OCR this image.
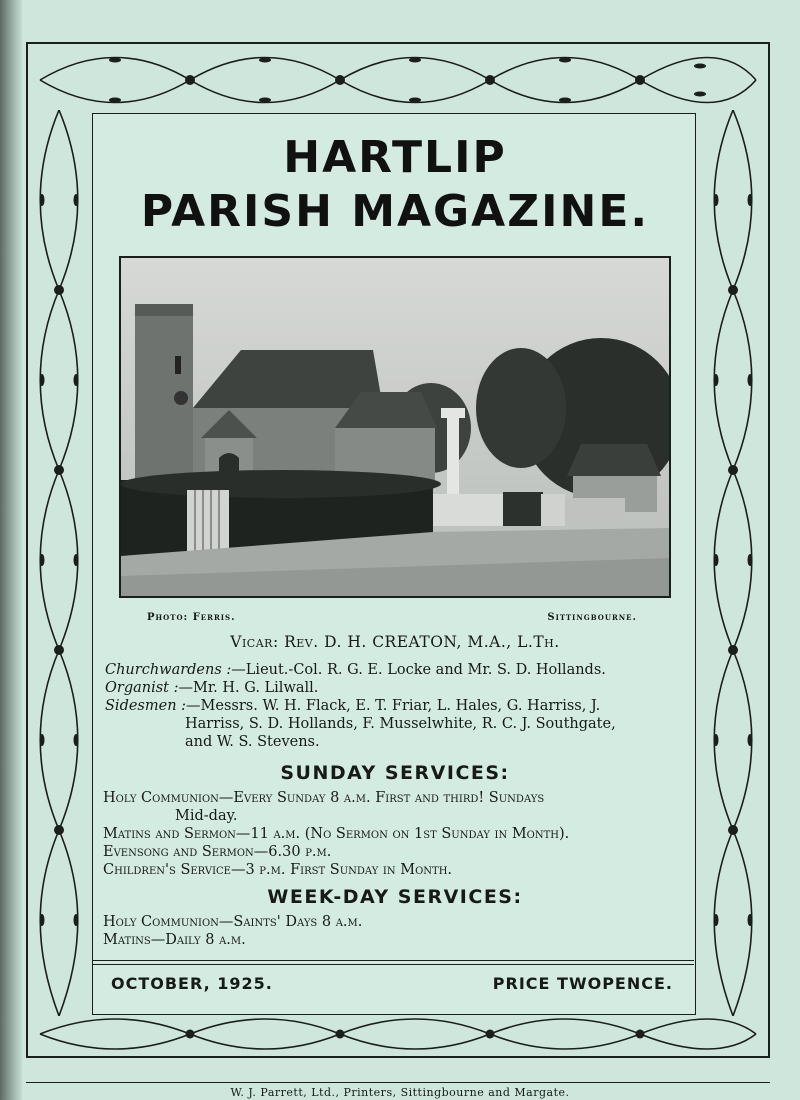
HARTLIP
PARISH MAGAZINE.
Photo: Ferris.	Sittingbourne.
Vicar: Rev. D. H. CREATON, M.A., L.Th.
Churchwardens :—Lieut.-Col. R. G. E. Locke and Mr. S. D. Hollands.
Organist :—Mr. H. G. Lilwall.
Sidesmen :—Messrs. W. H. Flack, E. T. Friar, L. Hales, G. Harriss, J.
Harriss, S. D. Hollands, F. Musselwhite, R. C. J. Southgate,
and W. S. Stevens.
SUNDAY SERVICES:
Holy Communion—Every Sunday 8 a.m. First and third! Sundays
Mid-day.
Matins and Sermon—11 a.m. (No Sermon on 1st Sunday in Month).
Evensong and Sermon—6.30 p.m.
Children's Service—3 p.m. First Sunday in Month.
WEEK-DAY SERVICES:
Holy Communion—Saints' Days 8 a.m.
Matins—Daily 8 a.m.
OCTOBER, 1925.	PRICE TWOPENCE.
W. J. Parrett, Ltd., Printers, Sittingbourne and Margate.
